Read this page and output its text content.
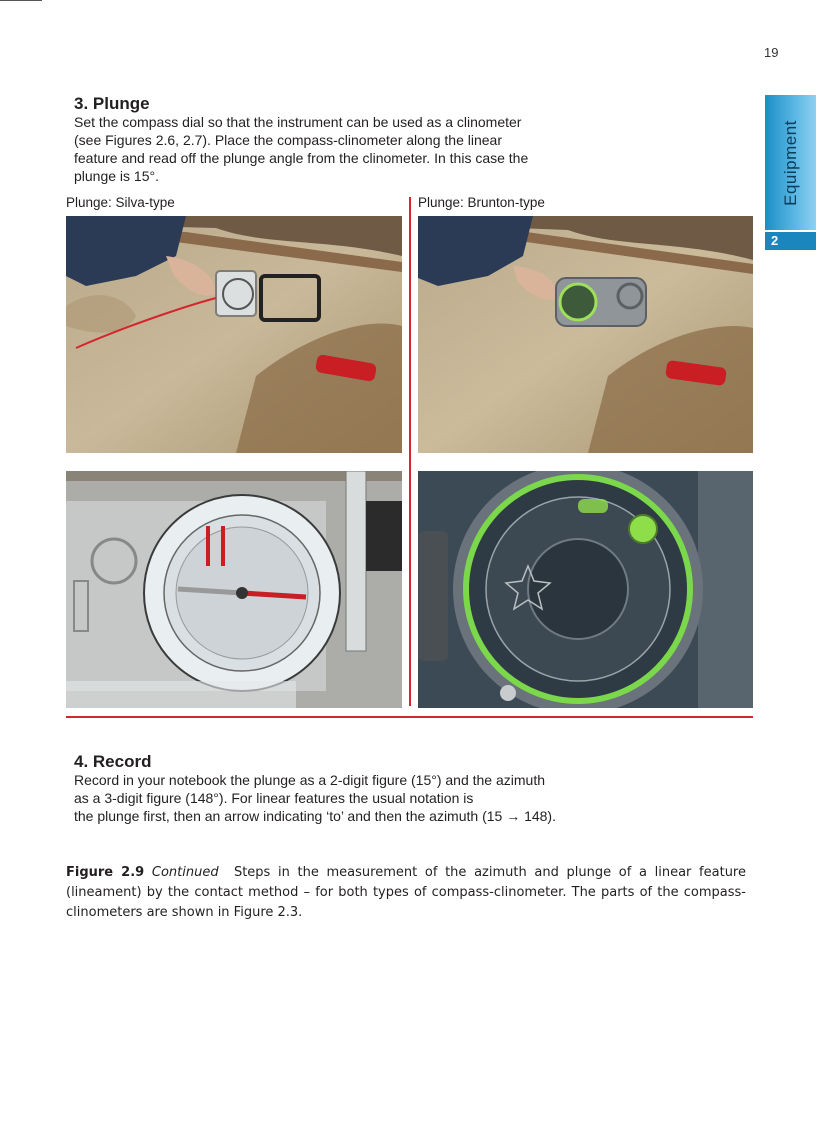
19
Equipment
2
3. Plunge
Set the compass dial so that the instrument can be used as a clinometer
(see Figures 2.6, 2.7). Place the compass-clinometer along the linear
feature and read off the plunge angle from the clinometer. In this case the
plunge is 15°.
Plunge: Silva-type	Plunge: Brunton-type
4. Record
Record in your notebook the plunge as a 2-digit figure (15°) and the azimuth
as a 3-digit figure (148°). For linear features the usual notation is
the plunge first, then an arrow indicating ‘to’ and then the azimuth (15 → 148).
Figure 2.9 Continued Steps in the measurement of the azimuth and plunge of a linear feature (lineament) by the contact method – for both types of compass-clinometer. The parts of the compass-clinometers are shown in Figure 2.3.
